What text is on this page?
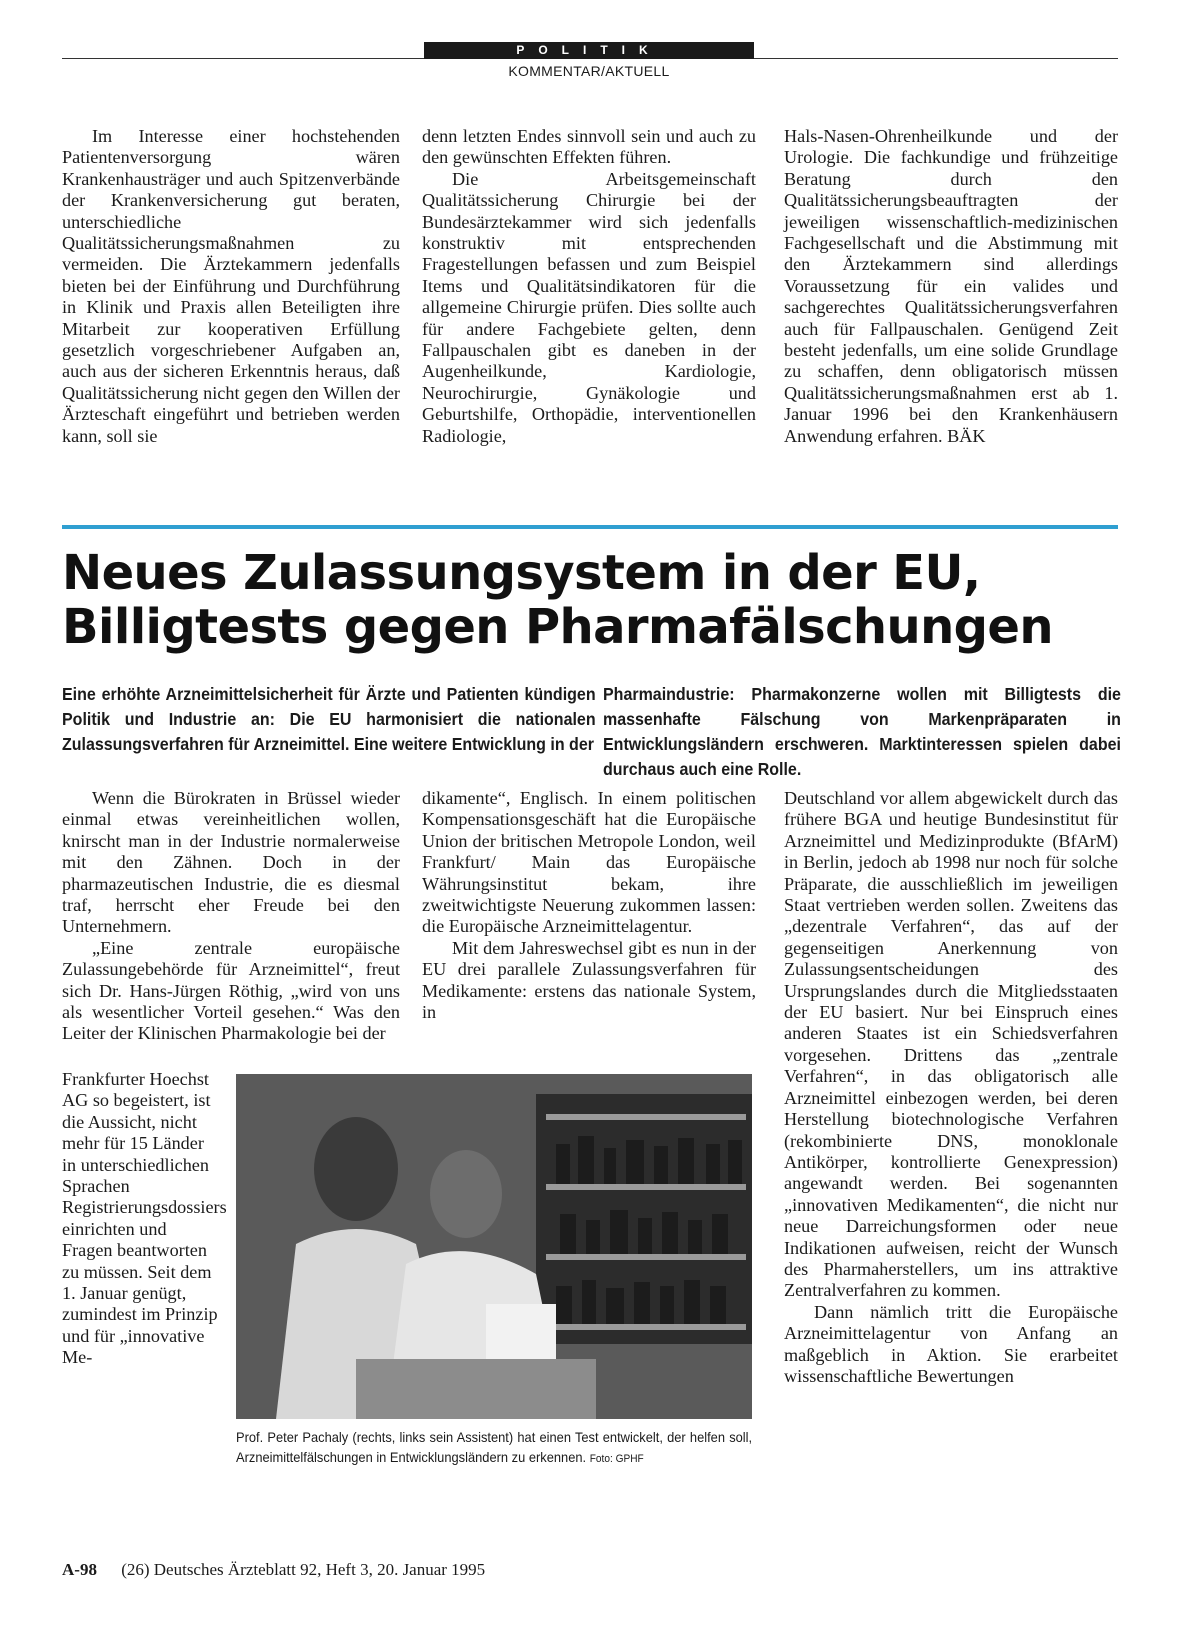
POLITIK
KOMMENTAR/AKTUELL

Im Interesse einer hochstehenden Patientenversorgung wären Krankenhausträger und auch Spitzenverbände der Krankenversicherung gut beraten, unterschiedliche Qualitätssicherungsmaßnahmen zu vermeiden. Die Ärztekammern jedenfalls bieten bei der Einführung und Durchführung in Klinik und Praxis allen Beteiligten ihre Mitarbeit zur kooperativen Erfüllung gesetzlich vorgeschriebener Aufgaben an, auch aus der sicheren Erkenntnis heraus, daß Qualitätssicherung nicht gegen den Willen der Ärzteschaft eingeführt und betrieben werden kann, soll sie

denn letzten Endes sinnvoll sein und auch zu den gewünschten Effekten führen.

Die Arbeitsgemeinschaft Qualitätssicherung Chirurgie bei der Bundesärztekammer wird sich jedenfalls konstruktiv mit entsprechenden Fragestellungen befassen und zum Beispiel Items und Qualitätsindikatoren für die allgemeine Chirurgie prüfen. Dies sollte auch für andere Fachgebiete gelten, denn Fallpauschalen gibt es daneben in der Augenheilkunde, Kardiologie, Neurochirurgie, Gynäkologie und Geburtshilfe, Orthopädie, interventionellen Radiologie,

Hals-Nasen-Ohrenheilkunde und der Urologie. Die fachkundige und frühzeitige Beratung durch den Qualitätssicherungsbeauftragten der jeweiligen wissenschaftlich-medizinischen Fachgesellschaft und die Abstimmung mit den Ärztekammern sind allerdings Voraussetzung für ein valides und sachgerechtes Qualitätssicherungsverfahren auch für Fallpauschalen. Genügend Zeit besteht jedenfalls, um eine solide Grundlage zu schaffen, denn obligatorisch müssen Qualitätssicherungsmaßnahmen erst ab 1. Januar 1996 bei den Krankenhäusern Anwendung erfahren. BÄK

Neues Zulassungsystem in der EU,
Billigtests gegen Pharmafälschungen
Eine erhöhte Arzneimittelsicherheit für Ärzte und Patienten kündigen Politik und Industrie an: Die EU harmonisiert die nationalen Zulassungsverfahren für Arzneimittel. Eine weitere Entwicklung in der
Pharmaindustrie: Pharmakonzerne wollen mit Billigtests die massenhafte Fälschung von Markenpräparaten in Entwicklungsländern erschweren. Marktinteressen spielen dabei durchaus auch eine Rolle.

Wenn die Bürokraten in Brüssel wieder einmal etwas vereinheitlichen wollen, knirscht man in der Industrie normalerweise mit den Zähnen. Doch in der pharmazeutischen Industrie, die es diesmal traf, herrscht eher Freude bei den Unternehmern.

„Eine zentrale europäische Zulassungebehörde für Arzneimittel“, freut sich Dr. Hans-Jürgen Röthig, „wird von uns als wesentlicher Vorteil gesehen.“ Was den Leiter der Klinischen Pharmakologie bei der

Frankfurter Hoechst AG so begeistert, ist die Aussicht, nicht mehr für 15 Länder in unterschiedlichen Sprachen Registrierungsdossiers einrichten und Fragen beantworten zu müssen. Seit dem 1. Januar genügt, zumindest im Prinzip und für „innovative Me-

dikamente“, Englisch. In einem politischen Kompensationsgeschäft hat die Europäische Union der britischen Metropole London, weil Frankfurt/ Main das Europäische Währungsinstitut bekam, ihre zweitwichtigste Neuerung zukommen lassen: die Europäische Arzneimittelagentur.

Mit dem Jahreswechsel gibt es nun in der EU drei parallele Zulassungsverfahren für Medikamente: erstens das nationale System, in

Deutschland vor allem abgewickelt durch das frühere BGA und heutige Bundesinstitut für Arzneimittel und Medizinprodukte (BfArM) in Berlin, jedoch ab 1998 nur noch für solche Präparate, die ausschließlich im jeweiligen Staat vertrieben werden sollen. Zweitens das „dezentrale Verfahren“, das auf der gegenseitigen Anerkennung von Zulassungsentscheidungen des Ursprungslandes durch die Mitgliedsstaaten der EU basiert. Nur bei Einspruch eines anderen Staates ist ein Schiedsverfahren vorgesehen. Drittens das „zentrale Verfahren“, in das obligatorisch alle Arzneimittel einbezogen werden, bei deren Herstellung biotechnologische Verfahren (rekombinierte DNS, monoklonale Antikörper, kontrollierte Genexpression) angewandt werden. Bei sogenannten „innovativen Medikamenten“, die nicht nur neue Darreichungsformen oder neue Indikationen aufweisen, reicht der Wunsch des Pharmaherstellers, um ins attraktive Zentralverfahren zu kommen.

Dann nämlich tritt die Europäische Arzneimittelagentur von Anfang an maßgeblich in Aktion. Sie erarbeitet wissenschaftliche Bewertungen

Prof. Peter Pachaly (rechts, links sein Assistent) hat einen Test entwickelt, der helfen soll, Arzneimittelfälschungen in Entwicklungsländern zu erkennen. Foto: GPHF
A-98 (26) Deutsches Ärzteblatt 92, Heft 3, 20. Januar 1995
